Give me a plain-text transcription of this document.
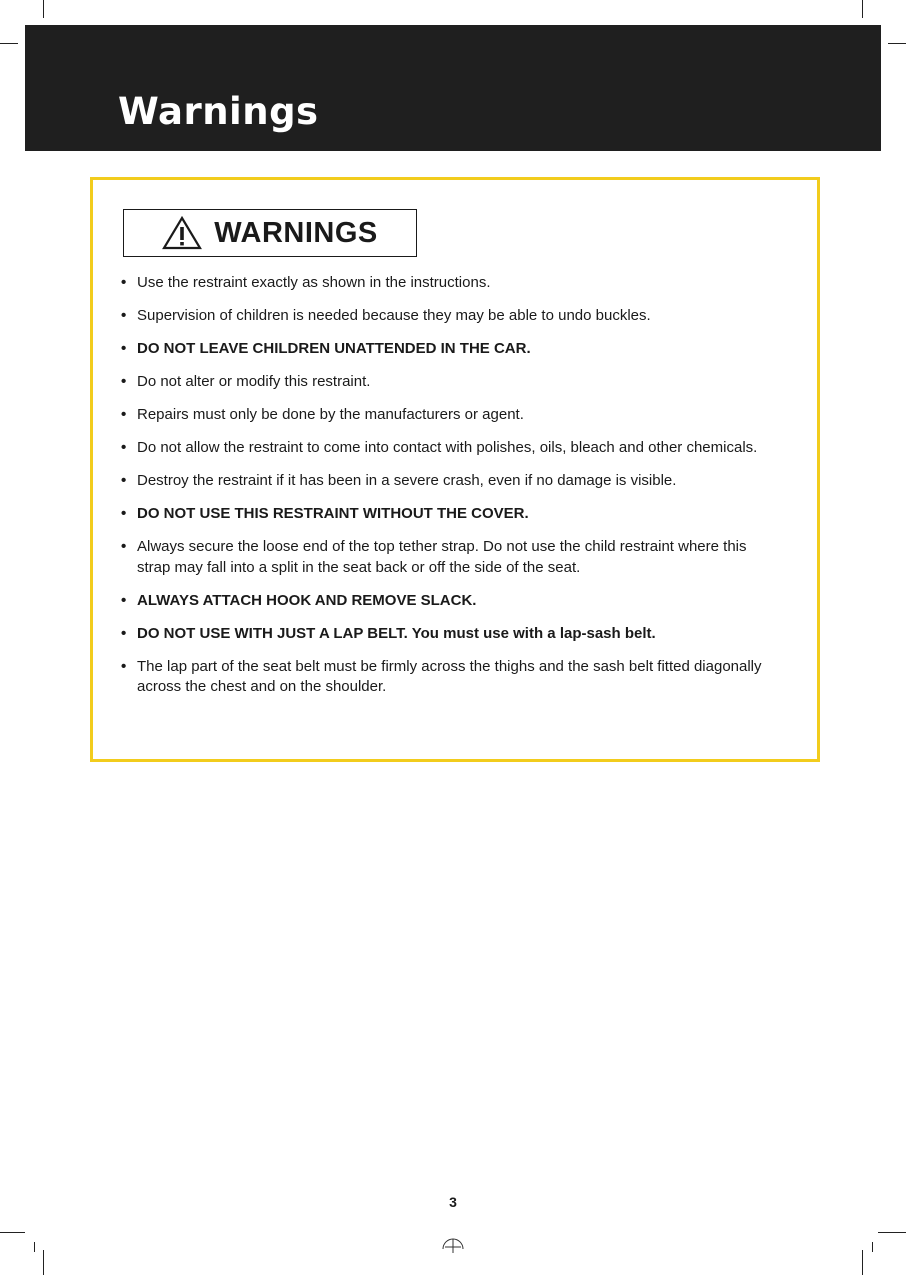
Warnings
WARNINGS
• Use the restraint exactly as shown in the instructions.
• Supervision of children is needed because they may be able to undo buckles.
• DO NOT LEAVE CHILDREN UNATTENDED IN THE CAR.
• Do not alter or modify this restraint.
• Repairs must only be done by the manufacturers or agent.
• Do not allow the restraint to come into contact with polishes, oils, bleach and other chemicals.
• Destroy the restraint if it has been in a severe crash, even if no damage is visible.
• DO NOT USE THIS RESTRAINT WITHOUT THE COVER.
• Always secure the loose end of the top tether strap. Do not use the child restraint where this strap may fall into a split in the seat back or off the side of the seat.
• ALWAYS ATTACH HOOK AND REMOVE SLACK.
• DO NOT USE WITH JUST A LAP BELT. You must use with a lap-sash belt.
• The lap part of the seat belt must be firmly across the thighs and the sash belt fitted diagonally across the chest and on the shoulder.
3
